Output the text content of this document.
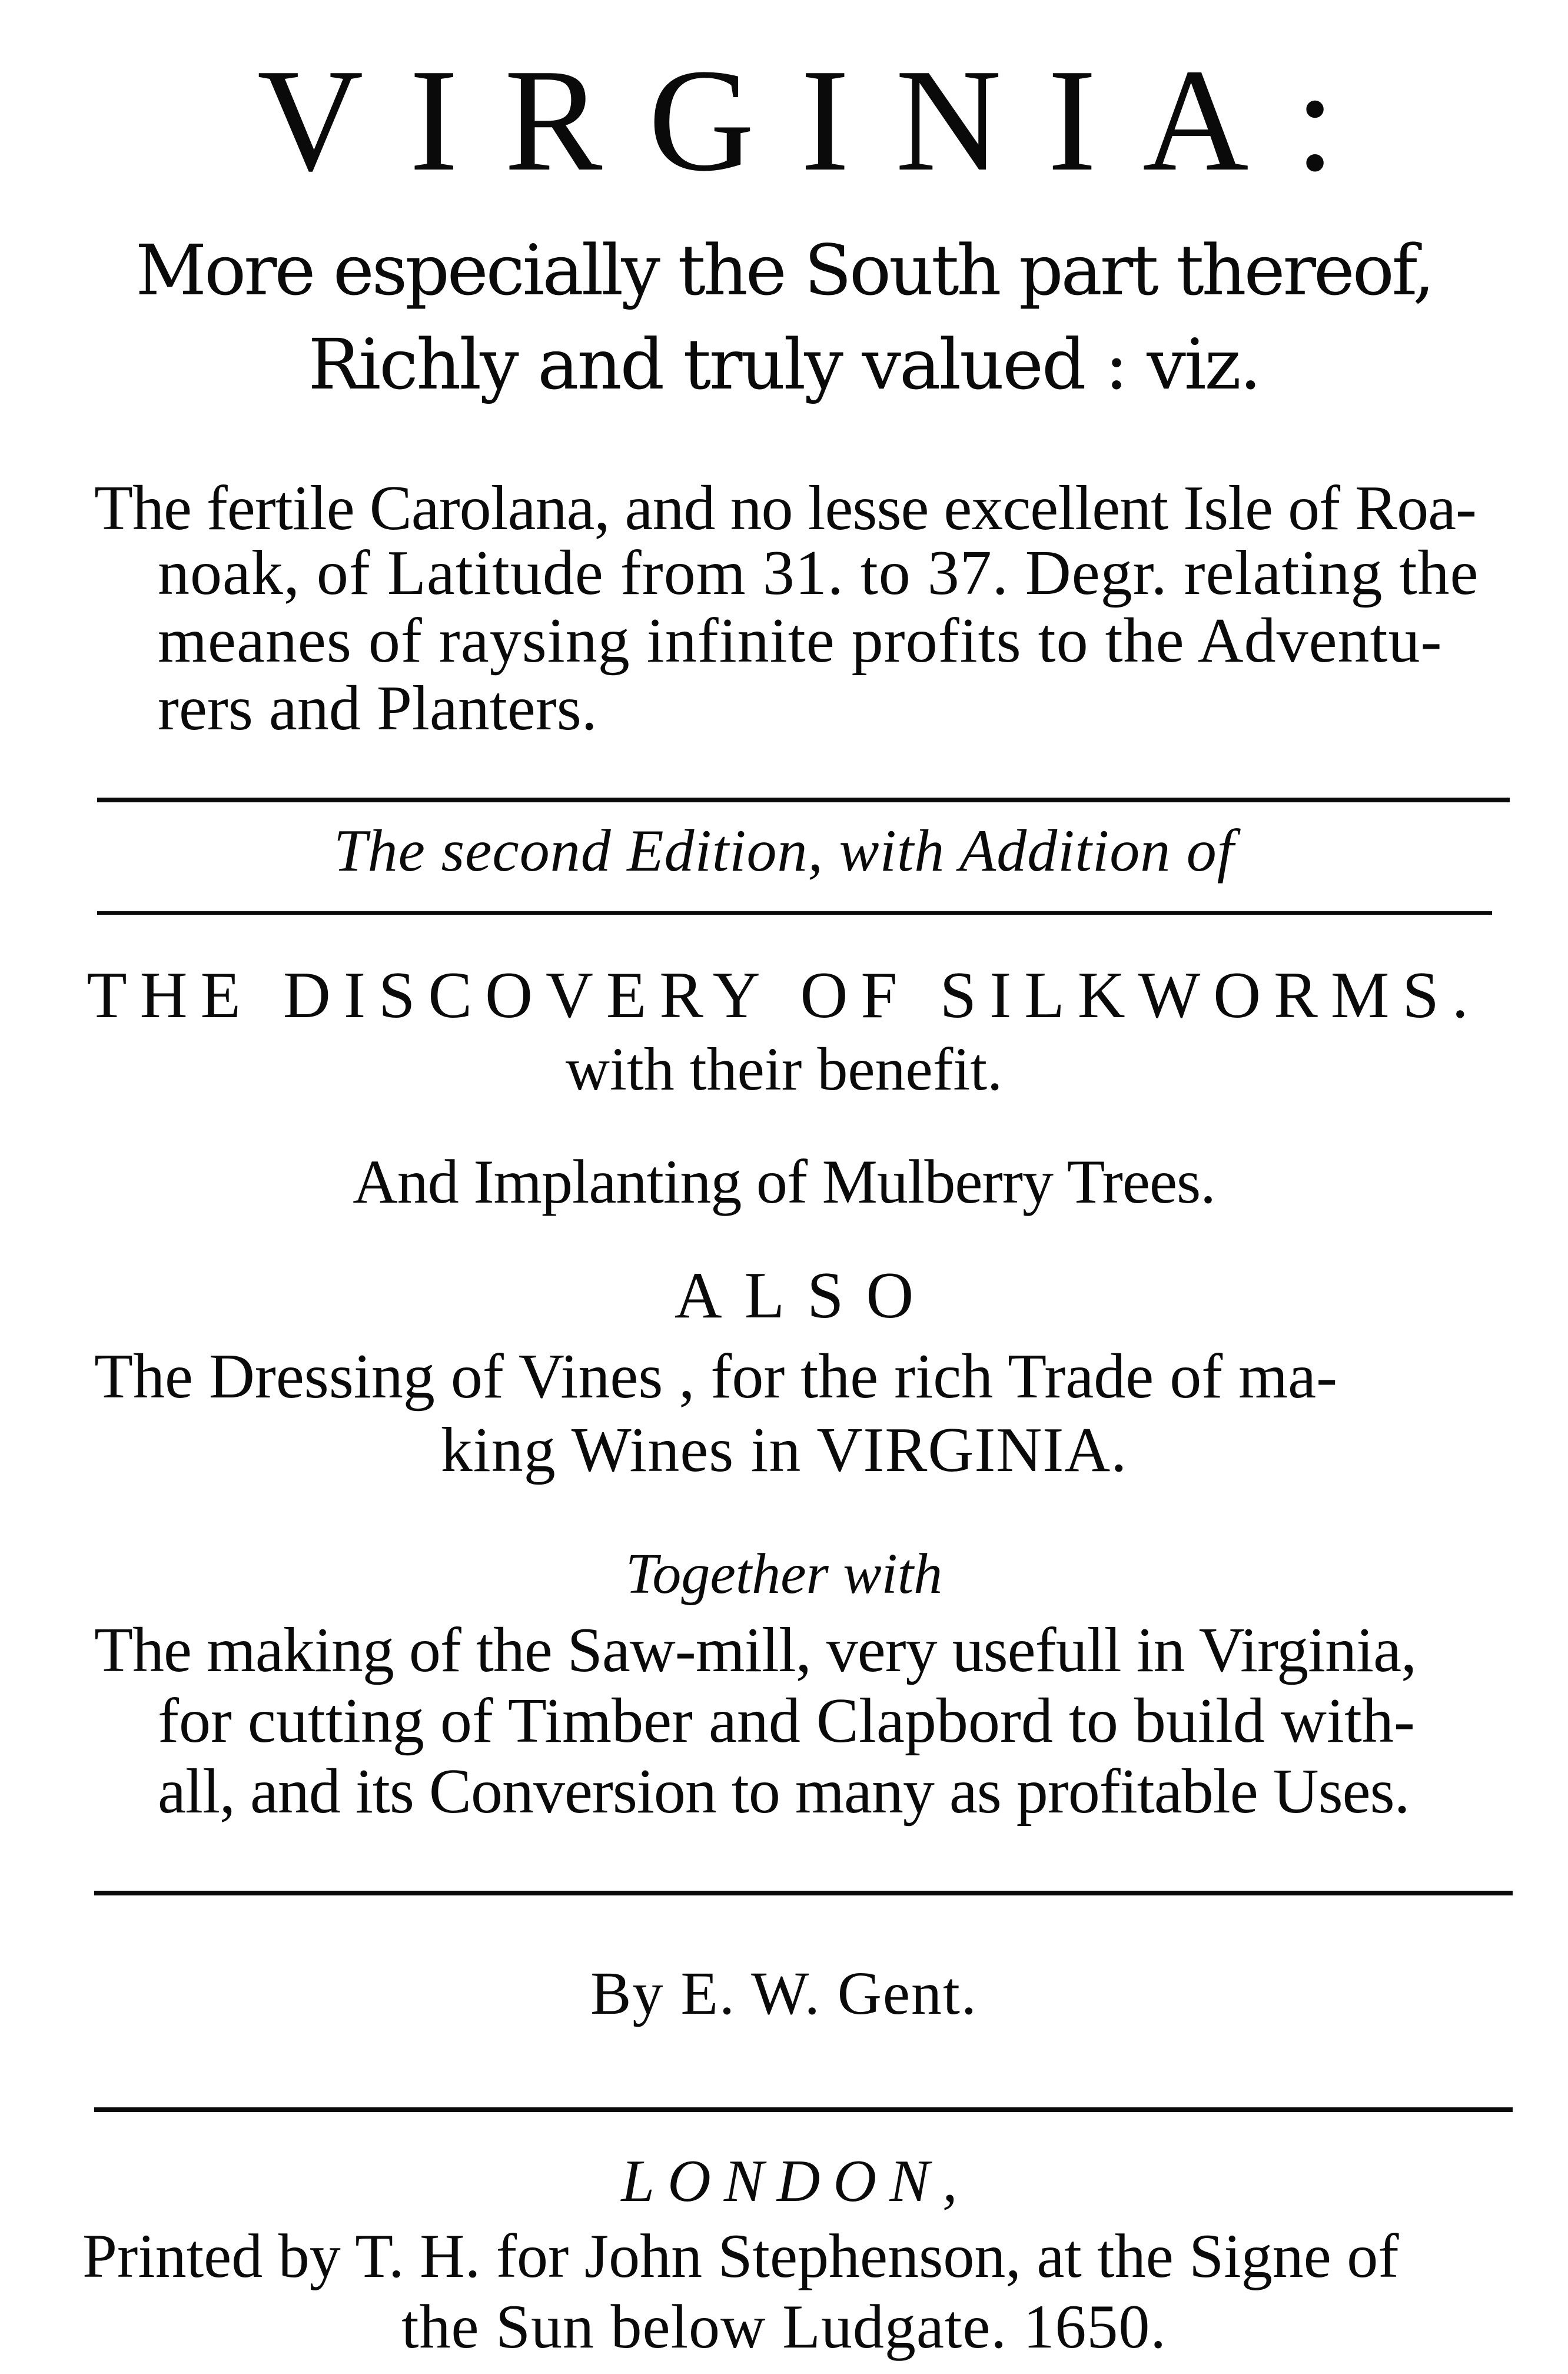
VIRGINIA:
More especially the South part thereof,
Richly and truly valued : viz.
The fertile Carolana, and no lesse excellent Isle of Roa-
noak, of Latitude from 31. to 37. Degr. relating the
meanes of raysing infinite profits to the Adventu-
rers and Planters.
The second Edition, with Addition of
THE DISCOVERY OF SILKWORMS.
with their benefit.
And Implanting of Mulberry Trees.
ALSO
The Dressing of Vines , for the rich Trade of ma-
king Wines in VIRGINIA.
Together with
The making of the Saw-mill, very usefull in Virginia,
for cutting of Timber and Clapbord to build with-
all, and its Conversion to many as profitable Uses.
By E. W. Gent.
LONDON,
Printed by T. H. for John Stephenson, at the Signe of
the Sun below Ludgate. 1650.
